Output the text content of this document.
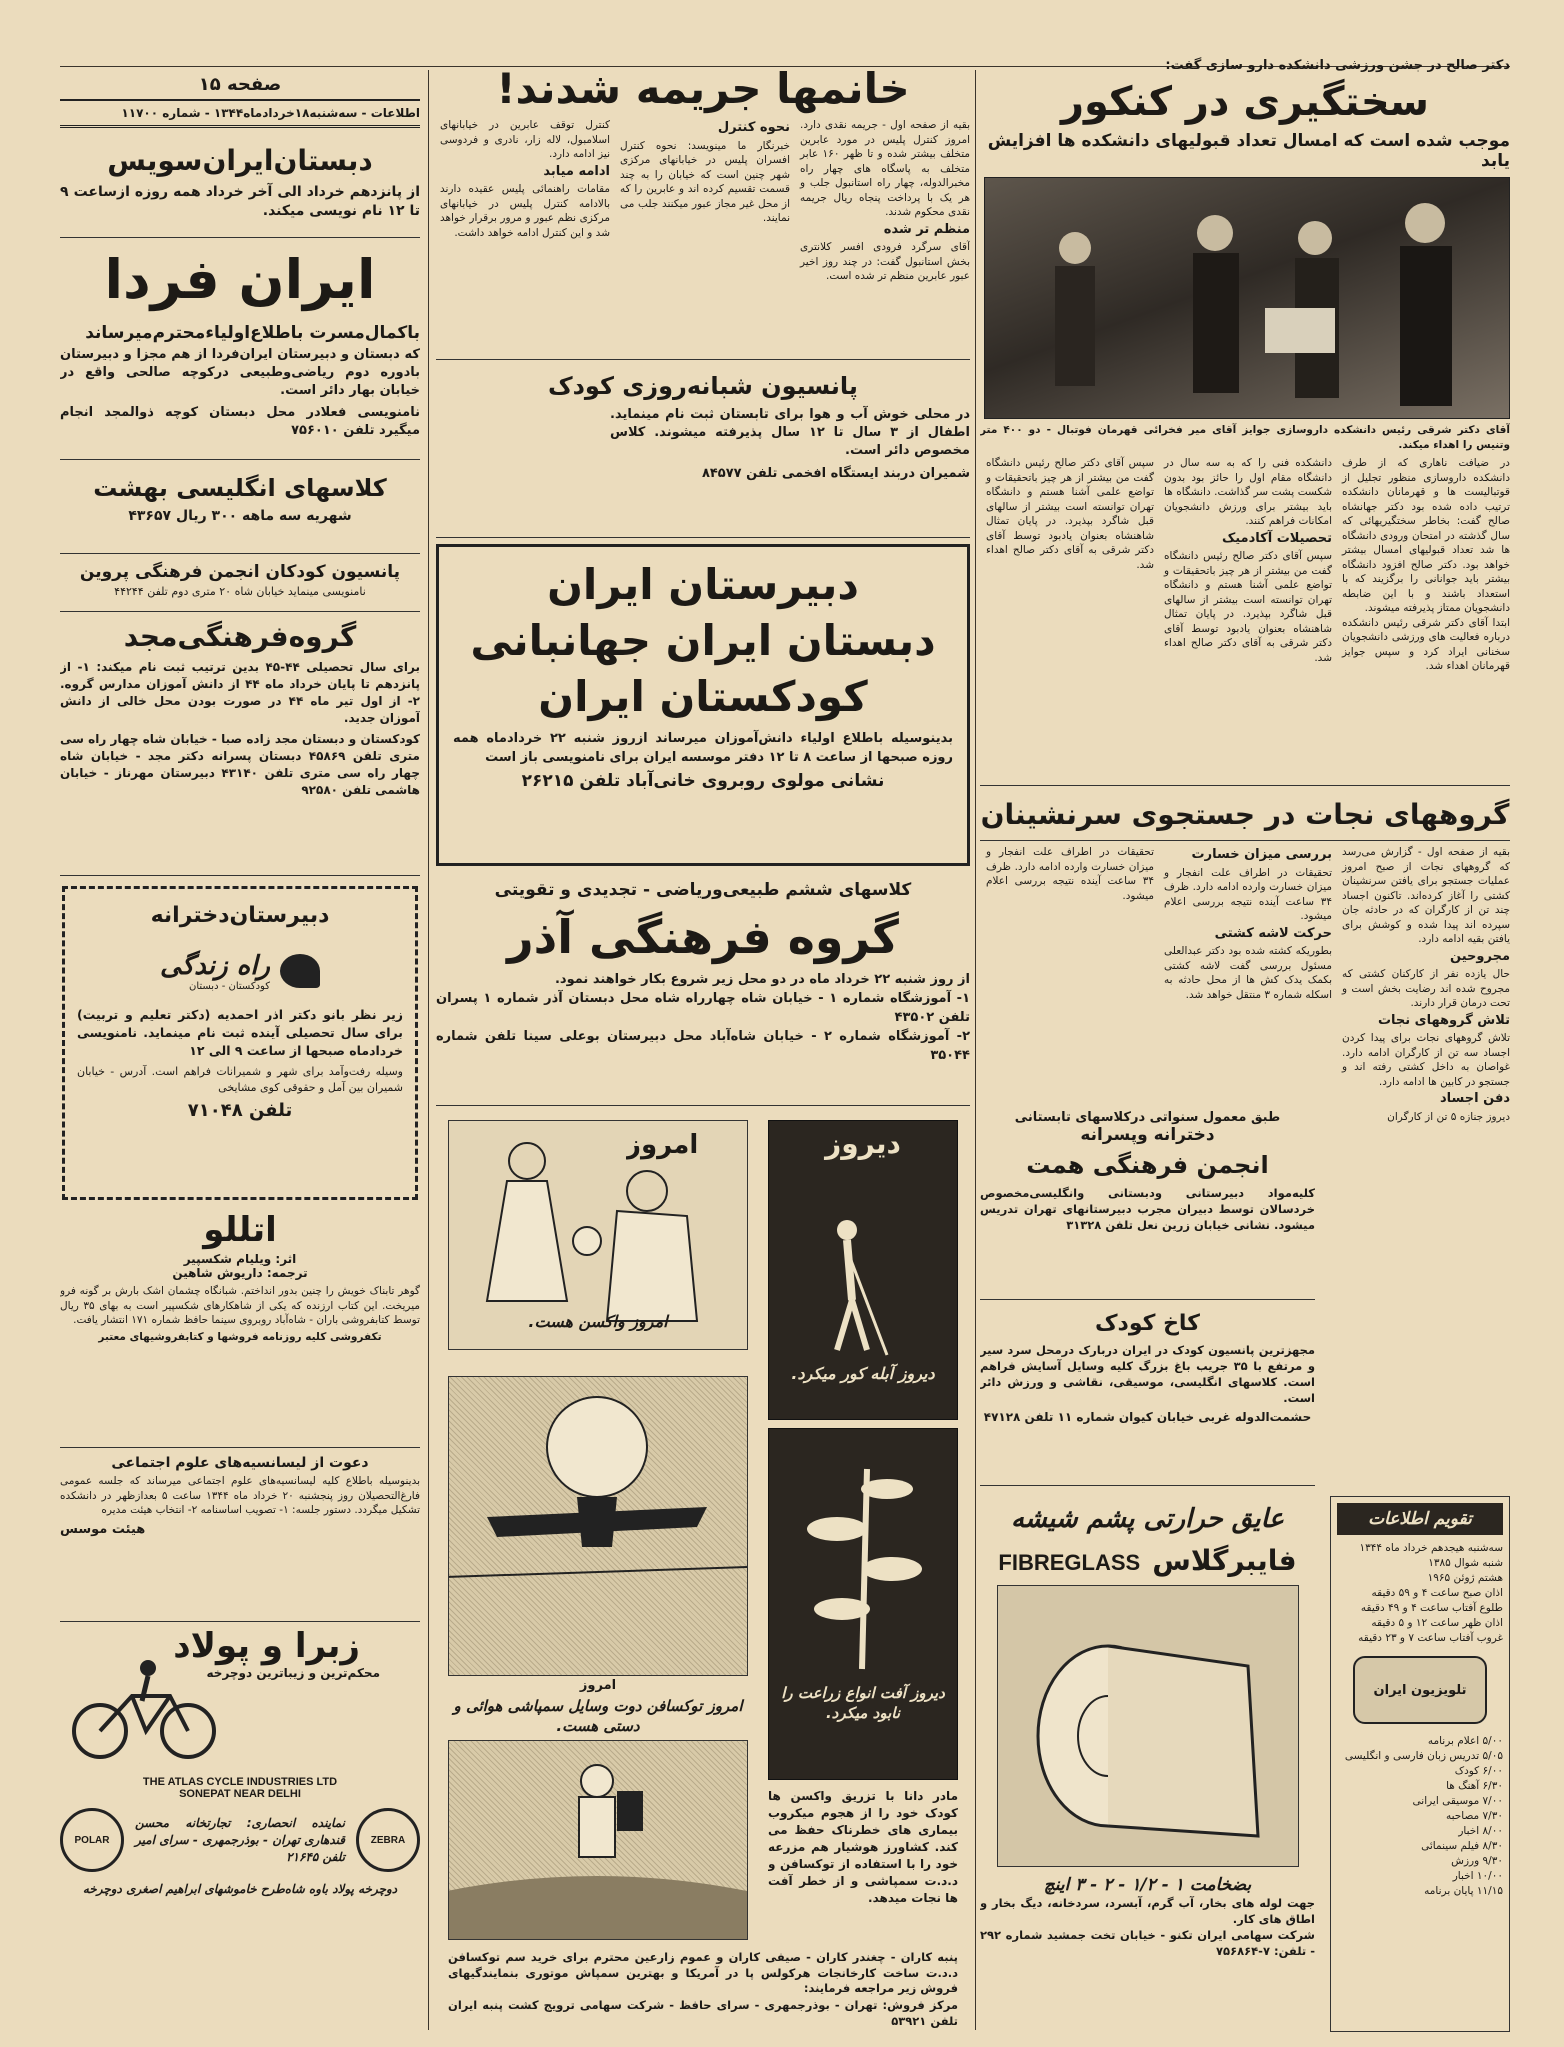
صفحه ۱۵
اطلاعات - سه‌شنبه۱۸خردادماه۱۳۴۴ - شماره ۱۱۷۰۰
دبستان‌ایران‌سویس
از پانزدهم خرداد الی آخر خرداد همه روزه ازساعت ۹ تا ۱۲ نام نویسی میکند.
ایران فردا
باکمال‌مسرت باطلاع‌اولیاءمحترم‌میرساند
که دبستان و دبیرستان ایران‌فردا از هم مجزا و دبیرستان بادوره دوم ریاضی‌وطبیعی درکوچه صالحی واقع در خیابان بهار دائر است.
نامنویسی فعلادر محل دبستان کوچه ذوالمجد انجام میگیرد تلفن ۷۵۶۰۱۰
کلاسهای انگلیسی بهشت
شهریه سه ماهه ۳۰۰ ریال ۴۳۶۵۷
پانسیون کودکان انجمن فرهنگی پروین
نامنویسی مینماید خیابان شاه ۲۰ متری دوم تلفن ۴۴۲۴۴
گروه‌فرهنگی‌مجد
برای سال تحصیلی ۴۴-۴۵ بدین ترتیب ثبت نام میکند: ۱- از پانزدهم تا پایان خرداد ماه ۴۴ از دانش آموزان مدارس گروه. ۲- از اول تیر ماه ۴۴ در صورت بودن محل خالی از دانش آموزان جدید.
کودکستان و دبستان مجد زاده صبا - خیابان شاه چهار راه سی متری تلفن ۴۵۸۶۹ دبستان پسرانه دکتر مجد - خیابان شاه چهار راه سی متری تلفن ۴۳۱۴۰ دبیرستان مهرناز - خیابان هاشمی تلفن ۹۲۵۸۰
دبیرستان‌دخترانه
راه زندگی
کودکستان - دبستان
زیر نظر بانو دکتر اذر احمدیه (دکتر تعلیم و تربیت) برای سال تحصیلی آینده ثبت نام مینماید. نامنویسی خردادماه صبحها از ساعت ۹ الی ۱۲
وسیله رفت‌وآمد برای شهر و شمیرانات فراهم است. آدرس - خیابان شمیران بین آمل و حقوقی کوی مشایخی
تلفن ۷۱۰۴۸
اتللو
اثر: ویلیام شکسپیر
ترجمه: داریوش شاهین
گوهر تابناک خویش را چنین بدور انداختم. شبانگاه چشمان اشک بارش بر گونه فرو میریخت. این کتاب ارزنده که یکی از شاهکارهای شکسپیر است به بهای ۳۵ ریال توسط کتابفروشی باران - شاه‌آباد روبروی سینما حافظ شماره ۱۷۱ انتشار یافت.
تکفروشی کلیه روزنامه فروشها و کتابفروشیهای معتبر
دعوت از لیسانسیه‌های علوم اجتماعی
بدینوسیله باطلاع کلیه لیسانسیه‌های علوم اجتماعی میرساند که جلسه عمومی فارغ‌التحصیلان روز پنجشنبه ۲۰ خرداد ماه ۱۳۴۴ ساعت ۵ بعدازظهر در دانشکده تشکیل میگردد. دستور جلسه: ۱- تصویب اساسنامه ۲- انتخاب هیئت مدیره
هیئت موسس
زبرا و پولاد
محکم‌ترین و زیباترین دوچرخه
THE ATLAS CYCLE INDUSTRIES LTD
SONEPAT NEAR DELHI
ZEBRA
نماینده انحصاری: تجارتخانه محسن قندهاری تهران - بوذرجمهری - سرای امیر تلفن ۲۱۶۴۵
POLAR
دوچرخه پولاد باوه شاه‌طرح خاموشهای ابراهیم اصغری دوچرخه
خانمها جریمه شدند!

بقیه از صفحه اول - جریمه نقدی دارد. امروز کنترل پلیس در مورد عابرین متخلف بیشتر شده و تا ظهر ۱۶۰ عابر متخلف به پاسگاه های چهار راه مخبرالدوله، چهار راه استانبول جلب و هر یک با پرداخت پنجاه ریال جریمه نقدی محکوم شدند.

منظم تر شده

آقای سرگرد فرودی افسر کلانتری بخش استانبول گفت: در چند روز اخیر عبور عابرین منظم تر شده است.

نحوه کنترل

خبرنگار ما مینویسد: نحوه کنترل افسران پلیس در خیابانهای مرکزی شهر چنین است که خیابان را به چند قسمت تقسیم کرده اند و عابرین را که از محل غیر مجاز عبور میکنند جلب می نمایند.

کنترل توقف عابرین در خیابانهای اسلامبول، لاله زار، نادری و فردوسی نیز ادامه دارد.

ادامه میابد

مقامات راهنمائی پلیس عقیده دارند بالادامه کنترل پلیس در خیابانهای مرکزی نظم عبور و مرور برقرار خواهد شد و این کنترل ادامه خواهد داشت.

پانسیون شبانه‌روزی کودک
در محلی خوش آب و هوا برای تابستان ثبت نام مینماید. اطفال از ۳ سال تا ۱۲ سال پذیرفته میشوند. کلاس مخصوص دائر است.
شمیران دربند ایستگاه افخمی تلفن ۸۴۵۷۷
دبیرستان ایران
دبستان ایران جهانبانی
کودکستان ایران
بدینوسیله باطلاع اولیاء دانش‌آموزان میرساند ازروز شنبه ۲۲ خردادماه همه روزه صبحها از ساعت ۸ تا ۱۲ دفتر موسسه ایران برای نامنویسی باز است
نشانی مولوی روبروی خانی‌آباد تلفن ۲۶۲۱۵
کلاسهای ششم طبیعی‌وریاضی - تجدیدی و تقویتی
گروه فرهنگی آذر
از روز شنبه ۲۲ خرداد ماه در دو محل زیر شروع بکار خواهند نمود.
۱- آموزشگاه شماره ۱ - خیابان شاه چهارراه شاه محل دبستان آذر شماره ۱ پسران تلفن ۴۳۵۰۲
۲- آموزشگاه شماره ۲ - خیابان شاه‌آباد محل دبیرستان بوعلی سینا تلفن شماره ۳۵۰۴۴
امروز
امروز واکسن هست.
دیروز
دیروز آبله کور میکرد.
امروز
امروز توکسافن دوت وسایل سمپاشی هوائی و دستی هست.
دیروز آفت انواع زراعت را نابود میکرد.
مادر دانا با تزریق واکسن ها کودک خود را از هجوم میکروب بیماری های خطرناک حفظ می کند. کشاورز هوشیار هم مزرعه خود را با استفاده از توکسافن و د.د.ت سمپاشی و از خطر آفت ها نجات میدهد.
پنبه کاران - چغندر کاران - صیفی کاران و عموم زارعین محترم برای خرید سم توکسافن د.د.ت ساخت کارخانجات هرکولس پا در آمریکا و بهترین سمپاش موتوری بنمایندگیهای فروش زیر مراجعه فرمایند:
مرکز فروش: تهران - بوذرجمهری - سرای حافظ - شرکت سهامی ترویج کشت پنبه ایران تلفن ۵۳۹۲۱
دکتر صالح در جشن ورزشی دانشکده دارو سازی گفت:
سختگیری در کنکور
موجب شده است که امسال تعداد قبولیهای دانشکده ها افزایش یابد
آقای دکتر شرقی رئیس دانشکده داروسازی جوایز آقای میر فخرائی قهرمان فوتبال - دو ۴۰۰ متر وتنیس را اهداء میکند.

در ضیافت ناهاری که از طرف دانشکده داروسازی منظور تجلیل از قوتبالیست ها و قهرمانان دانشکده ترتیب داده شده بود دکتر جهانشاه صالح گفت: بخاطر سختگیریهائی که سال گذشته در امتحان ورودی دانشگاه ها شد تعداد قبولیهای امسال بیشتر خواهد بود. دکتر صالح افزود دانشگاه بیشتر باید جوانانی را برگزیند که با استعداد باشند و با این ضابطه دانشجویان ممتاز پذیرفته میشوند.

ابتدا آقای دکتر شرقی رئیس دانشکده درباره فعالیت های ورزشی دانشجویان سخنانی ایراد کرد و سپس جوایز قهرمانان اهداء شد.

دانشکده فنی را که به سه سال در دانشگاه مقام اول را حائز بود بدون شکست پشت سر گذاشت. دانشگاه ها باید بیشتر برای ورزش دانشجویان امکانات فراهم کنند.

تحصیلات آکادمیک

سپس آقای دکتر صالح رئیس دانشگاه گفت من بیشتر از هر چیز باتحقیقات و تواضع علمی آشنا هستم و دانشگاه تهران توانسته است بیشتر از سالهای قبل شاگرد بپذیرد. در پایان تمثال شاهنشاه بعنوان یادبود توسط آقای دکتر شرقی به آقای دکتر صالح اهداء شد.

سپس آقای دکتر صالح رئیس دانشگاه گفت من بیشتر از هر چیز باتحقیقات و تواضع علمی آشنا هستم و دانشگاه تهران توانسته است بیشتر از سالهای قبل شاگرد بپذیرد. در پایان تمثال شاهنشاه بعنوان یادبود توسط آقای دکتر شرقی به آقای دکتر صالح اهداء شد.

گروههای نجات در جستجوی سرنشینان

بقیه از صفحه اول - گزارش می‌رسد که گروههای نجات از صبح امروز عملیات جستجو برای یافتن سرنشینان کشتی را آغاز کرده‌اند. تاکنون اجساد چند تن از کارگران که در حادثه جان سپرده اند پیدا شده و کوشش برای یافتن بقیه ادامه دارد.

مجروحین

حال یازده نفر از کارکنان کشتی که مجروح شده اند رضایت بخش است و تحت درمان قرار دارند.

تلاش گروههای نجات

تلاش گروههای نجات برای پیدا کردن اجساد سه تن از کارگران ادامه دارد. غواصان به داخل کشتی رفته اند و جستجو در کابین ها ادامه دارد.

دفن اجساد

دیروز جنازه ۵ تن از کارگران

بررسی میزان خسارت

تحقیقات در اطراف علت انفجار و میزان خسارت وارده ادامه دارد. ظرف ۳۴ ساعت آینده نتیجه بررسی اعلام میشود.

حرکت لاشه کشتی

بطوریکه کشته شده بود دکتر عبدالعلی مسئول بررسی گفت لاشه کشتی بکمک یدک کش ها از محل حادثه به اسکله شماره ۳ منتقل خواهد شد.

تحقیقات در اطراف علت انفجار و میزان خسارت وارده ادامه دارد. ظرف ۳۴ ساعت آینده نتیجه بررسی اعلام میشود.

طبق معمول سنواتی درکلاسهای تابستانی
دخترانه وپسرانه
انجمن فرهنگی همت
کلیه‌مواد دبیرستانی ودبستانی وانگلیسی‌مخصوص خردسالان توسط دبیران مجرب دبیرستانهای تهران تدریس میشود. نشانی خیابان زرین نعل تلفن ۳۱۳۲۸
کاخ کودک
مجهزترین پانسیون کودک در ایران دربارک درمحل سرد سیر و مرتفع با ۳۵ جریب باغ بزرگ کلیه وسایل آسایش فراهم است. کلاسهای انگلیسی، موسیقی، نقاشی و ورزش دائر است.
حشمت‌الدوله غربی خیابان کیوان شماره ۱۱ تلفن ۴۷۱۲۸
عایق حرارتی پشم شیشه
فایبرگلاس
FIBREGLASS
بضخامت ۱ - ۱/۲ - ۲ - ۳ اینچ
جهت لوله های بخار، آب گرم، آبسرد، سردخانه، دیگ بخار و اطاق های کار.
شرکت سهامی ایران تکنو - خیابان تخت جمشید شماره ۲۹۲ - تلفن: ۷-۷۵۶۸۶۴
تقویم اطلاعات
سه‌شنبه هیجدهم خرداد ماه ۱۳۴۴
شنبه شوال ۱۳۸۵
هشتم ژوئن ۱۹۶۵
اذان صبح ساعت ۴ و ۵۹ دقیقه
طلوع آفتاب ساعت ۴ و ۴۹ دقیقه
اذان ظهر ساعت ۱۲ و ۵ دقیقه
غروب آفتاب ساعت ۷ و ۲۳ دقیقه
تلویزیون ایران
۵/۰۰ اعلام برنامه
۵/۰۵ تدریس زبان فارسی و انگلیسی
۶/۰۰ کودک
۶/۳۰ آهنگ ها
۷/۰۰ موسیقی ایرانی
۷/۳۰ مصاحبه
۸/۰۰ اخبار
۸/۳۰ فیلم سینمائی
۹/۳۰ ورزش
۱۰/۰۰ اخبار
۱۱/۱۵ پایان برنامه
